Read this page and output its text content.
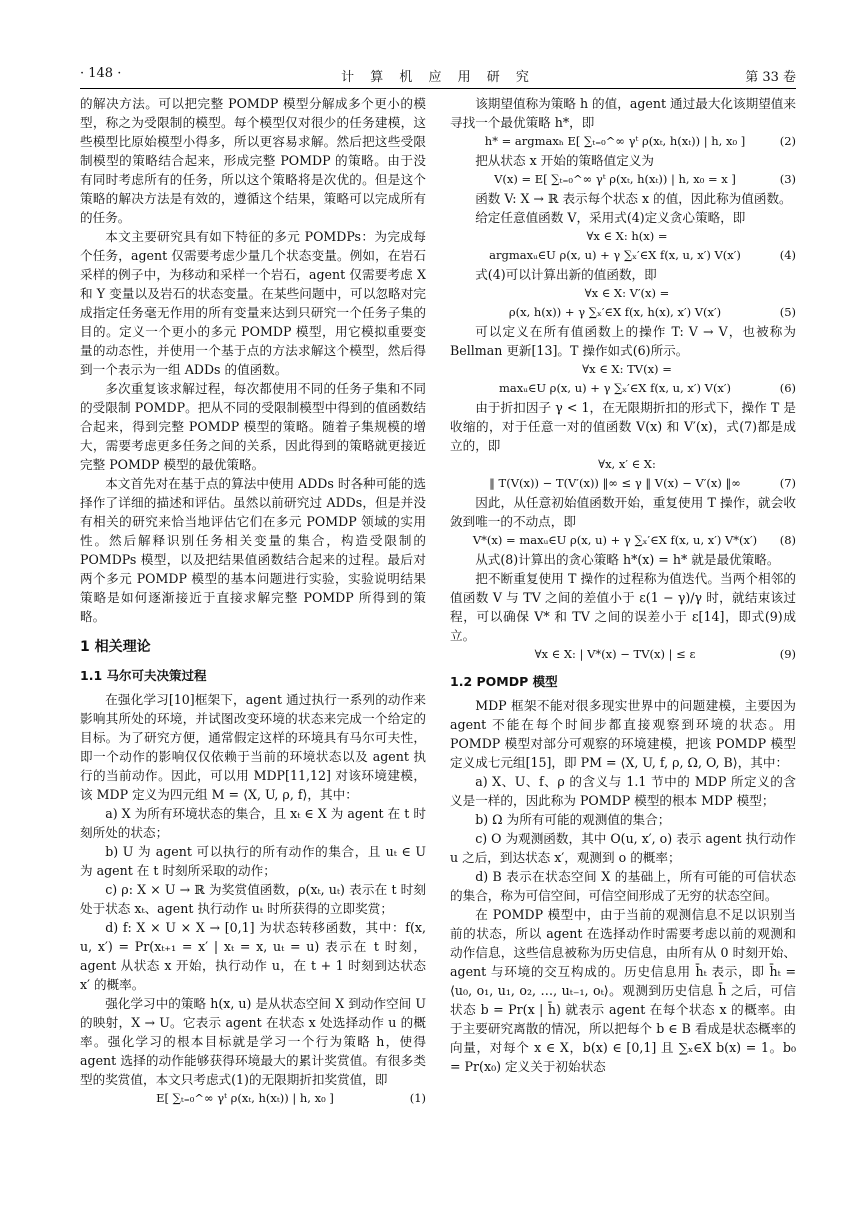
· 148 ·	计 算 机 应 用 研 究	第 33 卷
的解决方法。可以把完整 POMDP 模型分解成多个更小的模型，称之为受限制的模型。每个模型仅对很少的任务建模，这些模型比原始模型小得多，所以更容易求解。然后把这些受限制模型的策略结合起来，形成完整 POMDP 的策略。由于没有同时考虑所有的任务，所以这个策略将是次优的。但是这个策略的解决方法是有效的，遵循这个结果，策略可以完成所有的任务。
本文主要研究具有如下特征的多元 POMDPs：为完成每个任务，agent 仅需要考虑少量几个状态变量。例如，在岩石采样的例子中，为移动和采样一个岩石，agent 仅需要考虑 X 和 Y 变量以及岩石的状态变量。在某些问题中，可以忽略对完成指定任务毫无作用的所有变量来达到只研究一个任务子集的目的。定义一个更小的多元 POMDP 模型，用它模拟重要变量的动态性，并使用一个基于点的方法求解这个模型，然后得到一个表示为一组 ADDs 的值函数。
多次重复该求解过程，每次都使用不同的任务子集和不同的受限制 POMDP。把从不同的受限制模型中得到的值函数结合起来，得到完整 POMDP 模型的策略。随着子集规模的增大，需要考虑更多任务之间的关系，因此得到的策略就更接近完整 POMDP 模型的最优策略。
本文首先对在基于点的算法中使用 ADDs 时各种可能的选择作了详细的描述和评估。虽然以前研究过 ADDs，但是并没有相关的研究来恰当地评估它们在多元 POMDP 领域的实用性。然后解释识别任务相关变量的集合，构造受限制的 POMDPs 模型，以及把结果值函数结合起来的过程。最后对两个多元 POMDP 模型的基本问题进行实验，实验说明结果策略是如何逐渐接近于直接求解完整 POMDP 所得到的策略。
1 相关理论
1.1 马尔可夫决策过程
在强化学习[10]框架下，agent 通过执行一系列的动作来影响其所处的环境，并试图改变环境的状态来完成一个给定的目标。为了研究方便，通常假定这样的环境具有马尔可夫性，即一个动作的影响仅仅依赖于当前的环境状态以及 agent 执行的当前动作。因此，可以用 MDP[11,12] 对该环境建模，该 MDP 定义为四元组 M = ⟨X, U, ρ, f⟩，其中：
a) X 为所有环境状态的集合，且 xₜ ∈ X 为 agent 在 t 时刻所处的状态；
b) U 为 agent 可以执行的所有动作的集合，且 uₜ ∈ U 为 agent 在 t 时刻所采取的动作；
c) ρ: X × U → ℝ 为奖赏值函数，ρ(xₜ, uₜ) 表示在 t 时刻处于状态 xₜ、agent 执行动作 uₜ 时所获得的立即奖赏；
d) f: X × U × X → [0,1] 为状态转移函数，其中：f(x, u, x′) = Pr(xₜ₊₁ = x′ | xₜ = x, uₜ = u) 表示在 t 时刻，agent 从状态 x 开始，执行动作 u，在 t + 1 时刻到达状态 x′ 的概率。
强化学习中的策略 h(x, u) 是从状态空间 X 到动作空间 U 的映射，X → U。它表示 agent 在状态 x 处选择动作 u 的概率。强化学习的根本目标就是学习一个行为策略 h，使得 agent 选择的动作能够获得环境最大的累计奖赏值。有很多类型的奖赏值，本文只考虑式(1)的无限期折扣奖赏值，即
E[ ∑ₜ₌₀^∞ γᵗ ρ(xₜ, h(xₜ)) | h, x₀ ]	(1)
该期望值称为策略 h 的值，agent 通过最大化该期望值来寻找一个最优策略 h*，即
h* = argmaxₕ E[ ∑ₜ₌₀^∞ γᵗ ρ(xₜ, h(xₜ)) | h, x₀ ]	(2)
把从状态 x 开始的策略值定义为
V(x) = E[ ∑ₜ₌₀^∞ γᵗ ρ(xₜ, h(xₜ)) | h, x₀ = x ]	(3)
函数 V: X → ℝ 表示每个状态 x 的值，因此称为值函数。
给定任意值函数 V，采用式(4)定义贪心策略，即
∀x ∈ X: h(x) =
argmaxᵤ∈U ρ(x, u) + γ ∑ₓ′∈X f(x, u, x′) V(x′)	(4)
式(4)可以计算出新的值函数，即
∀x ∈ X: V′(x) =
ρ(x, h(x)) + γ ∑ₓ′∈X f(x, h(x), x′) V(x′)	(5)
可以定义在所有值函数上的操作 T: V → V，也被称为 Bellman 更新[13]。T 操作如式(6)所示。
∀x ∈ X: TV(x) =
maxᵤ∈U ρ(x, u) + γ ∑ₓ′∈X f(x, u, x′) V(x′)	(6)
由于折扣因子 γ < 1，在无限期折扣的形式下，操作 T 是收缩的，对于任意一对的值函数 V(x) 和 V′(x)，式(7)都是成立的，即
∀x, x′ ∈ X:
‖ T(V(x)) − T(V′(x)) ‖∞ ≤ γ ‖ V(x) − V′(x) ‖∞	(7)
因此，从任意初始值函数开始，重复使用 T 操作，就会收敛到唯一的不动点，即
V*(x) = maxᵤ∈U ρ(x, u) + γ ∑ₓ′∈X f(x, u, x′) V*(x′)	(8)
从式(8)计算出的贪心策略 h*(x) = h* 就是最优策略。
把不断重复使用 T 操作的过程称为值迭代。当两个相邻的值函数 V 与 TV 之间的差值小于 ε(1 − γ)/γ 时，就结束该过程，可以确保 V* 和 TV 之间的误差小于 ε[14]，即式(9)成立。
∀x ∈ X: | V*(x) − TV(x) | ≤ ε	(9)
1.2 POMDP 模型
MDP 框架不能对很多现实世界中的问题建模，主要因为 agent 不能在每个时间步都直接观察到环境的状态。用 POMDP 模型对部分可观察的环境建模，把该 POMDP 模型定义成七元组[15]，即 PM = ⟨X, U, f, ρ, Ω, O, B⟩，其中：
a) X、U、f、ρ 的含义与 1.1 节中的 MDP 所定义的含义是一样的，因此称为 POMDP 模型的根本 MDP 模型；
b) Ω 为所有可能的观测值的集合；
c) O 为观测函数，其中 O(u, x′, o) 表示 agent 执行动作 u 之后，到达状态 x′，观测到 o 的概率；
d) B 表示在状态空间 X 的基础上，所有可能的可信状态的集合，称为可信空间，可信空间形成了无穷的状态空间。
在 POMDP 模型中，由于当前的观测信息不足以识别当前的状态，所以 agent 在选择动作时需要考虑以前的观测和动作信息，这些信息被称为历史信息，由所有从 0 时刻开始、agent 与环境的交互构成的。历史信息用 h̄ₜ 表示，即 h̄ₜ = ⟨u₀, o₁, u₁, o₂, …, uₜ₋₁, oₜ⟩。观测到历史信息 h̄ 之后，可信状态 b = Pr(x | h̄) 就表示 agent 在每个状态 x 的概率。由于主要研究离散的情况，所以把每个 b ∈ B 看成是状态概率的向量，对每个 x ∈ X，b(x) ∈ [0,1] 且 ∑ₓ∈X b(x) = 1。b₀ = Pr(x₀) 定义关于初始状态
